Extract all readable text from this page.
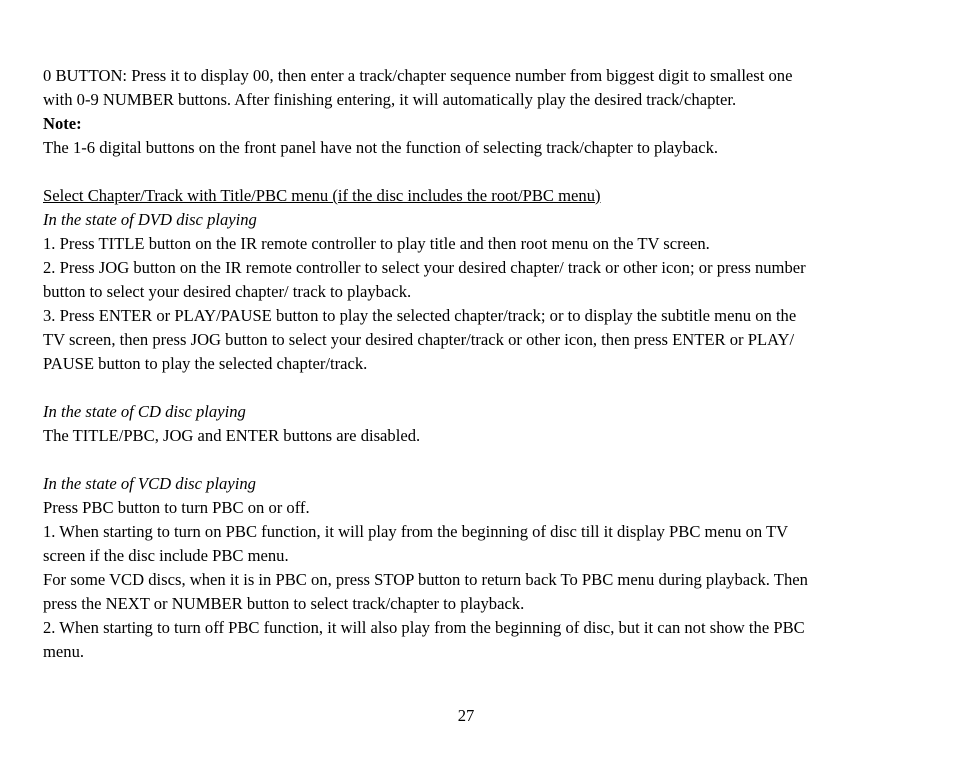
0 BUTTON: Press it to display 00, then enter a track/chapter sequence number from biggest digit to smallest one
with 0-9 NUMBER buttons. After finishing entering, it will automatically play the desired track/chapter.
Note:
The 1-6 digital buttons on the front panel have not the function of selecting track/chapter to playback.
Select Chapter/Track with Title/PBC menu (if the disc includes the root/PBC menu)
In the state of DVD disc playing
1. Press TITLE button on the IR remote controller to play title and then root menu on the TV screen.
2. Press JOG button on the IR remote controller to select your desired chapter/ track or other icon; or press number
button to select your desired chapter/ track to playback.
3. Press ENTER or PLAY/PAUSE button to play the selected chapter/track; or to display the subtitle menu on the
TV screen, then press JOG button to select your desired chapter/track or other icon, then press ENTER or PLAY/
PAUSE button to play the selected chapter/track.
In the state of CD disc playing
The TITLE/PBC, JOG and ENTER buttons are disabled.
In the state of VCD disc playing
Press PBC button to turn PBC on or off.
1. When starting to turn on PBC function, it will play from the beginning of disc till it display PBC menu on TV
screen if the disc include PBC menu.
For some VCD discs, when it is in PBC on, press STOP button to return back To PBC menu during playback. Then
press the NEXT or NUMBER button to select track/chapter to playback.
2. When starting to turn off PBC function, it will also play from the beginning of disc, but it can not show the PBC
menu.
27
